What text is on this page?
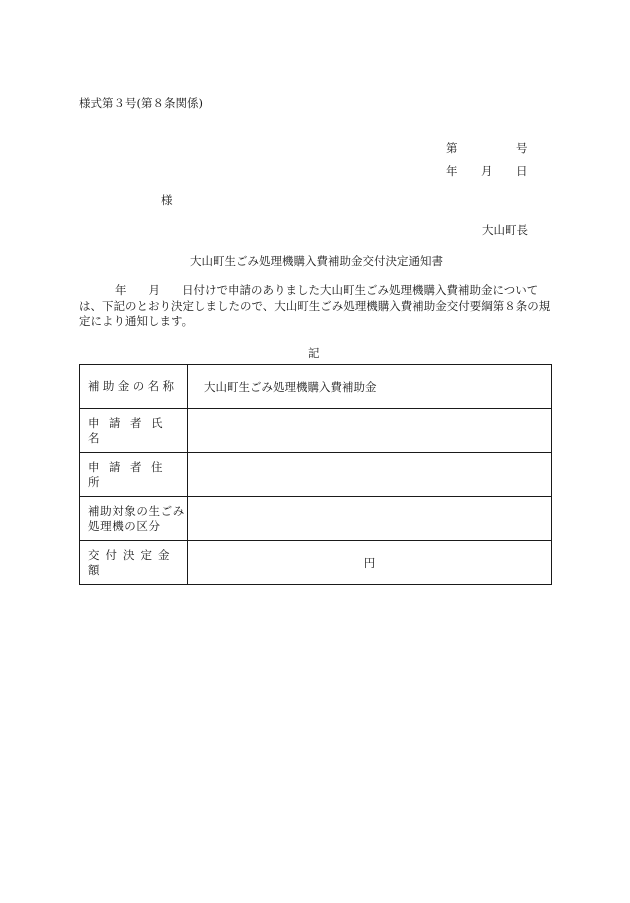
様式第３号(第８条関係)
第	号
年 月 日
様
大山町長
大山町生ごみ処理機購入費補助金交付決定通知書

年 月 日付けで申請のありました大山町生ごみ処理機購入費補助金について

は、下記のとおり決定しましたので、大山町生ごみ処理機購入費補助金交付要綱第８条の規

定により通知します。

記
補助金の名称	大山町生ごみ処理機購入費補助金
申請者氏名	
申請者住所	
補助対象の生ごみ処理機の区分	
交付決定金額	円
